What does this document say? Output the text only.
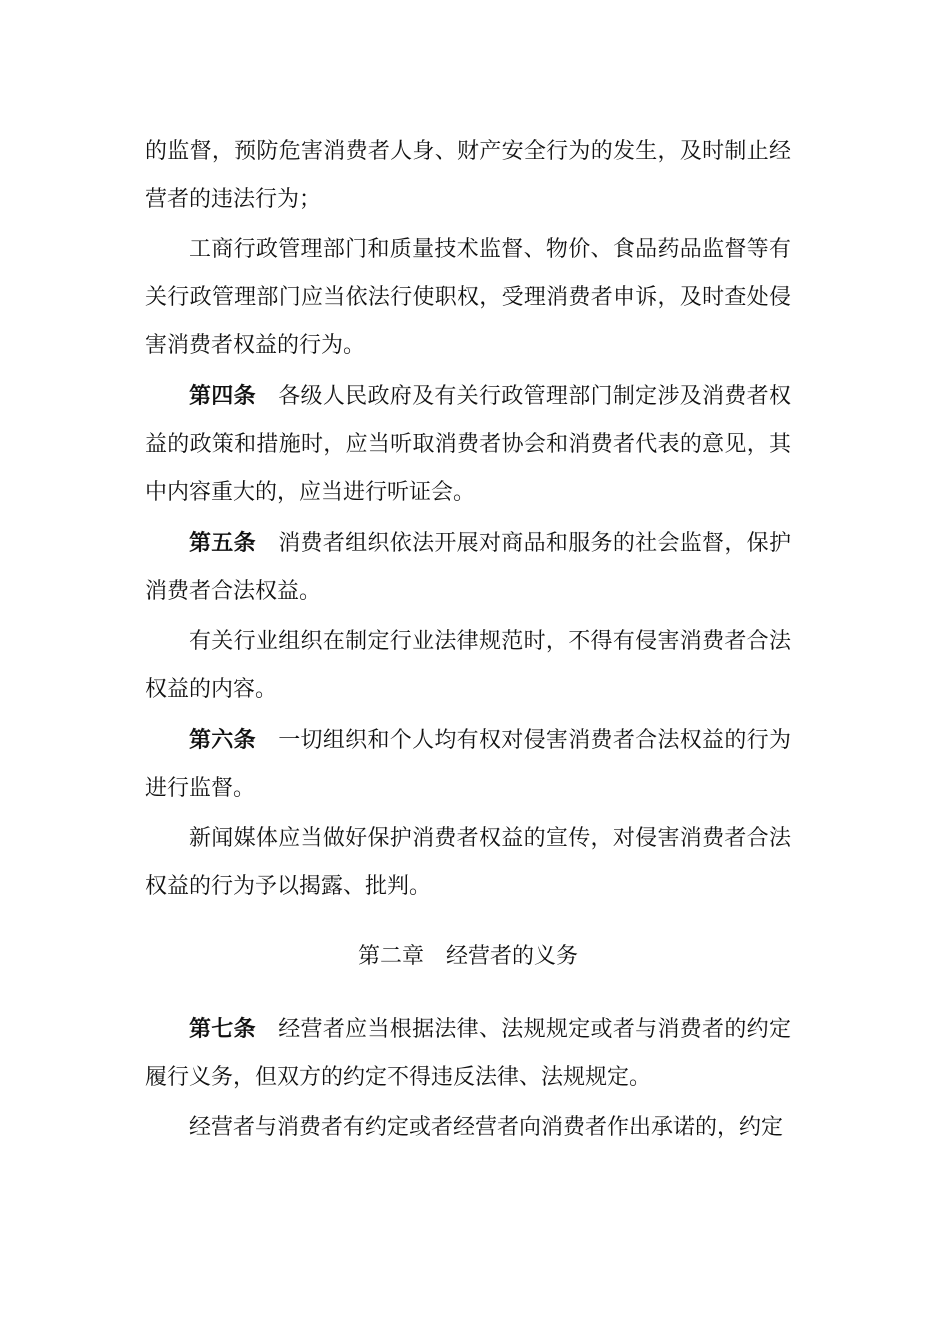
的监督，预防危害消费者人身、财产安全行为的发生，及时制止经营者的违法行为；

工商行政管理部门和质量技术监督、物价、食品药品监督等有关行政管理部门应当依法行使职权，受理消费者申诉，及时查处侵害消费者权益的行为。

第四条 各级人民政府及有关行政管理部门制定涉及消费者权益的政策和措施时，应当听取消费者协会和消费者代表的意见，其中内容重大的，应当进行听证会。

第五条 消费者组织依法开展对商品和服务的社会监督，保护消费者合法权益。

有关行业组织在制定行业法律规范时，不得有侵害消费者合法权益的内容。

第六条 一切组织和个人均有权对侵害消费者合法权益的行为进行监督。

新闻媒体应当做好保护消费者权益的宣传，对侵害消费者合法权益的行为予以揭露、批判。

第二章 经营者的义务

第七条 经营者应当根据法律、法规规定或者与消费者的约定履行义务，但双方的约定不得违反法律、法规规定。

经营者与消费者有约定或者经营者向消费者作出承诺的，约定
